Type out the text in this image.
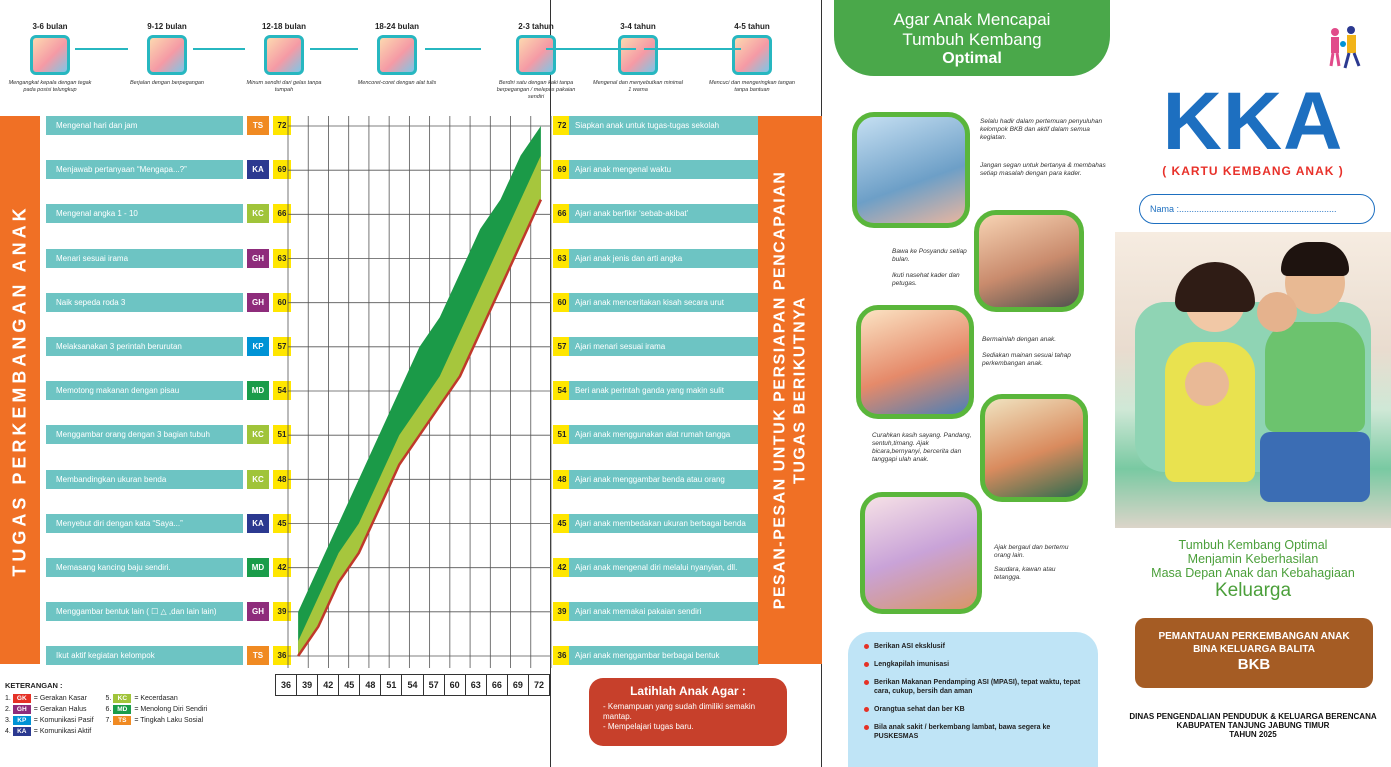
3-6 bulan
Mengangkat kepala dengan tegak pada posisi telungkup
9-12 bulan
Berjalan dengan berpegangan
12-18 bulan
Minum sendiri dari gelas tanpa tumpah
18-24 bulan
Mencoret-coret dengan alat tulis
TUGAS PERKEMBANGAN ANAK
Mengenal hari dan jam	TS	72
Menjawab pertanyaan “Mengapa...?”	KA	69
Mengenal angka 1 - 10	KC	66
Menari sesuai irama	GH	63
Naik sepeda roda 3	GH	60
Melaksanakan 3 perintah berurutan	KP	57
Memotong makanan dengan pisau	MD	54
Menggambar orang dengan 3 bagian tubuh	KC	51
Membandingkan ukuran benda	KC	48
Menyebut diri dengan kata “Saya...”	KA	45
Memasang kancing baju sendiri.	MD	42
Menggambar bentuk lain ( ☐ △ ,dan lain lain)	GH	39
Ikut aktif kegiatan kelompok	TS	36
36	39	42	45	48	51	54	57	60	63	66	69	72
KETERANGAN :
1. GK = Gerakan Kasar
2. GH = Gerakan Halus
3. KP = Komunikasi Pasif
4. KA = Komunikasi Aktif
5. KC = Kecerdasan
6. MD = Menolong Diri Sendiri
7. TS = Tingkah Laku Sosial
72	Siapkan anak untuk tugas-tugas sekolah
69	Ajari anak mengenal waktu
66	Ajari anak berfikir ‘sebab-akibat’
63	Ajari anak jenis dan arti angka
60	Ajari anak menceritakan kisah secara urut
57	Ajari menari sesuai irama
54	Beri anak perintah ganda yang makin sulit
51	Ajari anak menggunakan alat rumah tangga
48	Ajari anak menggambar benda atau orang
45	Ajari anak membedakan ukuran berbagai benda
42	Ajari anak mengenal diri melalui nyanyian, dll.
39	Ajari anak memakai pakaian sendiri
36	Ajari anak menggambar berbagai bentuk
PESAN-PESAN UNTUK PERSIAPAN PENCAPAIAN TUGAS BERIKUTNYA
Latihlah Anak Agar :
- Kemampuan yang sudah dimiliki semakin mantap.
- Mempelajari tugas baru.
2-3 tahun
Berdiri satu dengan kaki tanpa berpegangan / melepas pakaian sendiri
3-4 tahun
Mengenal dan menyebutkan minimal 1 warna
4-5 tahun
Mencuci dan mengeringkan tangan tanpa bantuan
Agar Anak Mencapai
Tumbuh Kembang
Optimal
Selalu hadir dalam pertemuan penyuluhan kelompok BKB dan aktif dalam semua kegiatan.
Jangan segan untuk bertanya & membahas setiap masalah dengan para kader.
Bawa ke Posyandu setiap bulan.
Ikuti nasehat kader dan petugas.
Bermainlah dengan anak.
Sediakan mainan sesuai tahap perkembangan anak.
Curahkan kasih sayang. Pandang, sentuh,timang. Ajak bicara,bernyanyi, bercerita dan tanggapi ulah anak.
Ajak bergaul dan bertemu orang lain.
Saudara, kawan atau tetangga.
Berikan ASI eksklusif
Lengkapilah imunisasi
Berikan Makanan Pendamping ASI (MPASI), tepat waktu, tepat cara, cukup, bersih dan aman
Orangtua sehat dan ber KB
Bila anak sakit / berkembang lambat, bawa segera ke PUSKESMAS
KKA
( KARTU KEMBANG ANAK )
Nama :...............................................................
Tumbuh Kembang Optimal
Menjamin Keberhasilan
Masa Depan Anak dan Kebahagiaan
Keluarga
PEMANTAUAN PERKEMBANGAN ANAK
BINA KELUARGA BALITA
BKB
DINAS PENGENDALIAN PENDUDUK & KELUARGA BERENCANA
KABUPATEN TANJUNG JABUNG TIMUR
TAHUN 2025
